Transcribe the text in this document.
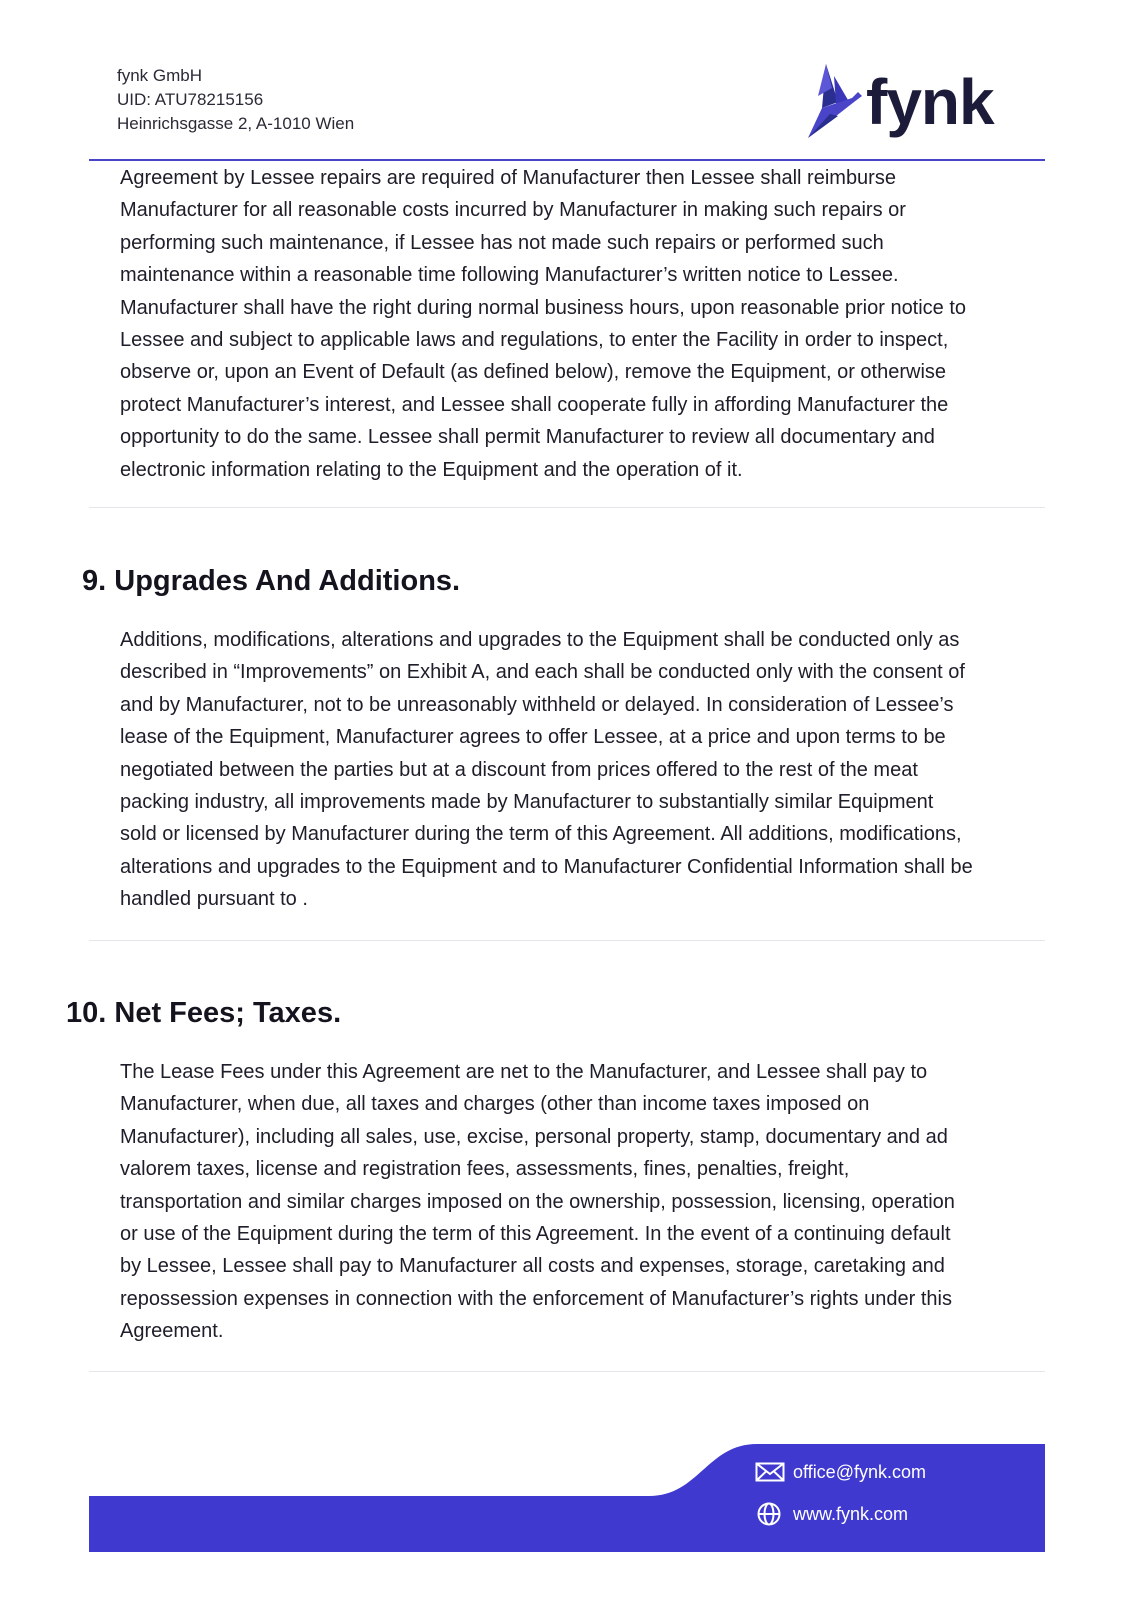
fynk GmbH
UID: ATU78215156
Heinrichsgasse 2, A-1010 Wien	fynk
Agreement by Lessee repairs are required of Manufacturer then Lessee shall reimburse
Manufacturer for all reasonable costs incurred by Manufacturer in making such repairs or
performing such maintenance, if Lessee has not made such repairs or performed such
maintenance within a reasonable time following Manufacturer’s written notice to Lessee.
Manufacturer shall have the right during normal business hours, upon reasonable prior notice to
Lessee and subject to applicable laws and regulations, to enter the Facility in order to inspect,
observe or, upon an Event of Default (as defined below), remove the Equipment, or otherwise
protect Manufacturer’s interest, and Lessee shall cooperate fully in affording Manufacturer the
opportunity to do the same. Lessee shall permit Manufacturer to review all documentary and
electronic information relating to the Equipment and the operation of it.
9. Upgrades And Additions.
Additions, modifications, alterations and upgrades to the Equipment shall be conducted only as
described in “Improvements” on Exhibit A, and each shall be conducted only with the consent of
and by Manufacturer, not to be unreasonably withheld or delayed. In consideration of Lessee’s
lease of the Equipment, Manufacturer agrees to offer Lessee, at a price and upon terms to be
negotiated between the parties but at a discount from prices offered to the rest of the meat
packing industry, all improvements made by Manufacturer to substantially similar Equipment
sold or licensed by Manufacturer during the term of this Agreement. All additions, modifications,
alterations and upgrades to the Equipment and to Manufacturer Confidential Information shall be
handled pursuant to .
10. Net Fees; Taxes.
The Lease Fees under this Agreement are net to the Manufacturer, and Lessee shall pay to
Manufacturer, when due, all taxes and charges (other than income taxes imposed on
Manufacturer), including all sales, use, excise, personal property, stamp, documentary and ad
valorem taxes, license and registration fees, assessments, fines, penalties, freight,
transportation and similar charges imposed on the ownership, possession, licensing, operation
or use of the Equipment during the term of this Agreement. In the event of a continuing default
by Lessee, Lessee shall pay to Manufacturer all costs and expenses, storage, caretaking and
repossession expenses in connection with the enforcement of Manufacturer’s rights under this
Agreement.
office@fynk.com
www.fynk.com
